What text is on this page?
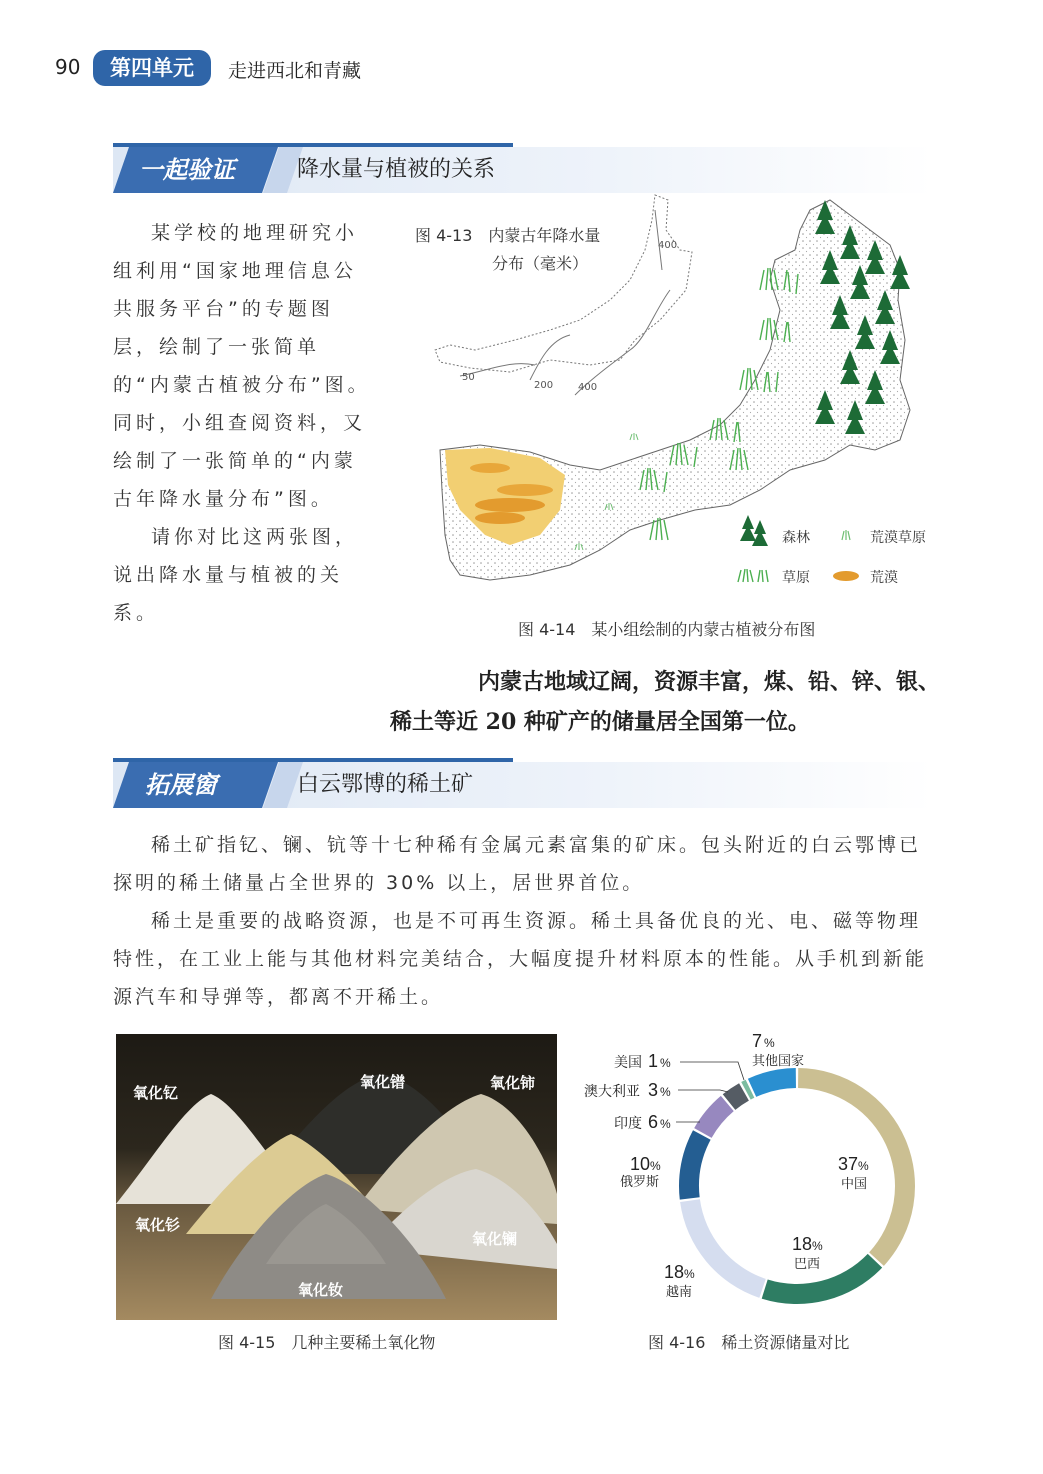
90	第四单元	走进西北和青藏
一起验证	降水量与植被的关系

某学校的地理研究小组利用“国家地理信息公共服务平台”的专题图层，绘制了一张简单的“内蒙古植被分布”图。同时，小组查阅资料，又绘制了一张简单的“内蒙古年降水量分布”图。

请你对比这两张图，说出降水量与植被的关系。

50
200 400
400
森林	荒漠草原
草原	荒漠
图 4-13　内蒙古年降水量
分布（毫米）
图 4-14　某小组绘制的内蒙古植被分布图
内蒙古地域辽阔，资源丰富，煤、铅、锌、银、
稀土等近 20 种矿产的储量居全国第一位。
拓展窗	白云鄂博的稀土矿

稀土矿指钇、镧、钪等十七种稀有金属元素富集的矿床。包头附近的白云鄂博已探明的稀土储量占全世界的 30% 以上，居世界首位。

稀土是重要的战略资源，也是不可再生资源。稀土具备优良的光、电、磁等物理特性，在工业上能与其他材料完美结合，大幅度提升材料原本的性能。从手机到新能源汽车和导弹等，都离不开稀土。

氧化钇
氧化镨	氧化铈
氧化钐
氧化镧
氧化钕
图 4-15　几种主要稀土氧化物
37 %
中国
18 %
巴西
18 %
越南
10 %
俄罗斯
印度 6 %
澳大利亚 3 %
美国 1 %
7 %
其他国家
图 4-16　稀土资源储量对比
